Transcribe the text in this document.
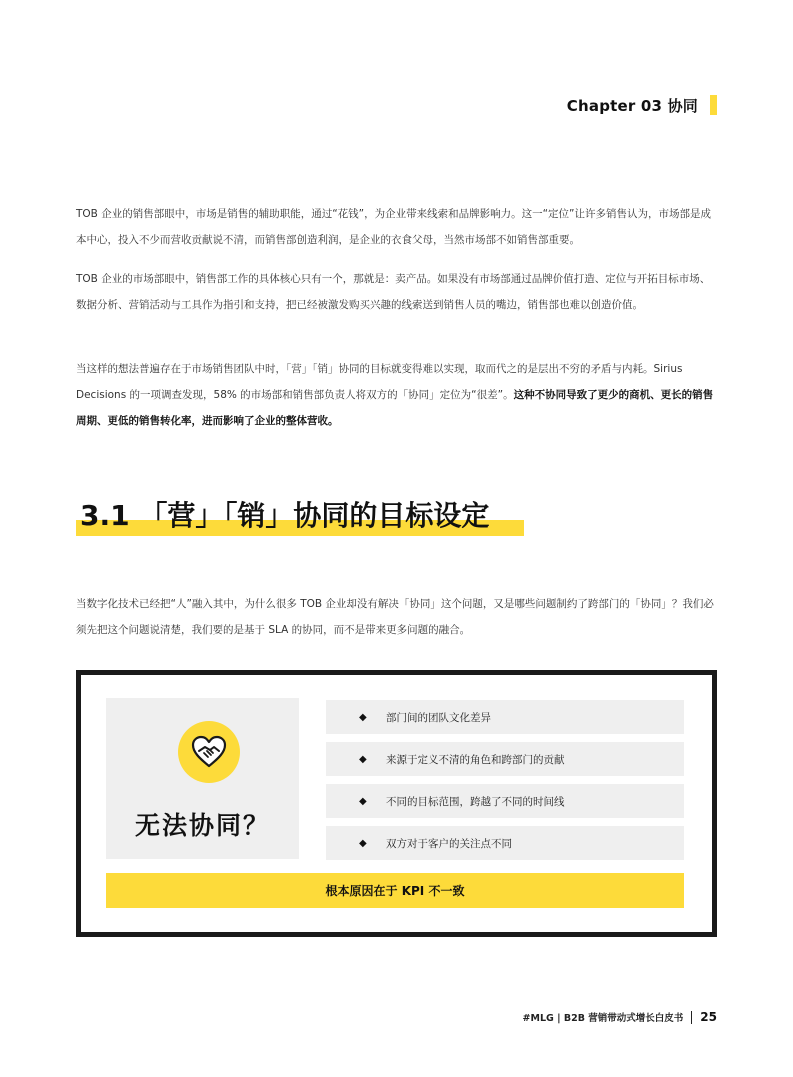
Chapter 03 协同

TOB 企业的销售部眼中，市场是销售的辅助职能，通过“花钱”，为企业带来线索和品牌影响力。这一“定位”让许多销售认为，市场部是成本中心，投入不少而营收贡献说不清，而销售部创造利润，是企业的衣食父母，当然市场部不如销售部重要。

TOB 企业的市场部眼中，销售部工作的具体核心只有一个，那就是：卖产品。如果没有市场部通过品牌价值打造、定位与开拓目标市场、数据分析、营销活动与工具作为指引和支持，把已经被激发购买兴趣的线索送到销售人员的嘴边，销售部也难以创造价值。

当这样的想法普遍存在于市场销售团队中时，「营」「销」协同的目标就变得难以实现，取而代之的是层出不穷的矛盾与内耗。Sirius Decisions 的一项调查发现，58% 的市场部和销售部负责人将双方的「协同」定位为“很差”。这种不协同导致了更少的商机、更长的销售周期、更低的销售转化率，进而影响了企业的整体营收。

3.1 「营」「销」协同的目标设定

当数字化技术已经把“人”融入其中，为什么很多 TOB 企业却没有解决「协同」这个问题，又是哪些问题制约了跨部门的「协同」？我们必须先把这个问题说清楚，我们要的是基于 SLA 的协同，而不是带来更多问题的融合。

无法协同？
◆	部门间的团队文化差异
◆	来源于定义不清的角色和跨部门的贡献
◆	不同的目标范围，跨越了不同的时间线
◆	双方对于客户的关注点不同
根本原因在于 KPI 不一致
#MLG | B2B 营销带动式增长白皮书 25
